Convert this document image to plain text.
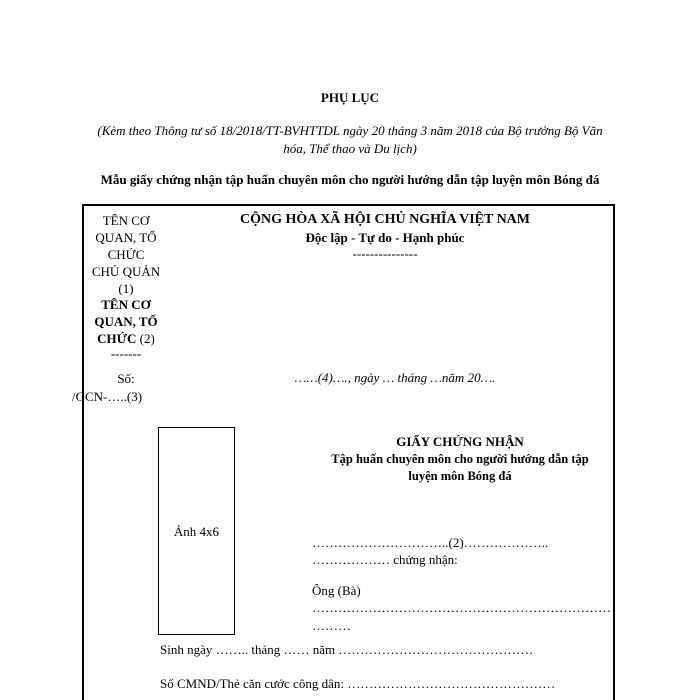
PHỤ LỤC
(Kèm theo Thông tư số 18/2018/TT-BVHTTDL ngày 20 tháng 3 năm 2018 của Bộ trưởng Bộ Văn
hóa, Thể thao và Du lịch)
Mẫu giấy chứng nhận tập huấn chuyên môn cho người hướng dẫn tập luyện môn Bóng đá
TÊN CƠ
QUAN, TỔ
CHỨC
CHỦ QUẢN
(1)
TÊN CƠ
QUAN, TỔ
CHỨC (2)
-------
Số:
/GCN-…..(3)
CỘNG HÒA XÃ HỘI CHỦ NGHĨA VIỆT NAM
Độc lập - Tự do - Hạnh phúc
---------------
……(4)…., ngày … tháng …năm 20….
Ảnh 4x6
GIẤY CHỨNG NHẬN
Tập huấn chuyên môn cho người hướng dẫn tập
luyện môn Bóng đá
…………………………..(2)………………..
……………… chứng nhận:
Ông (Bà)
……………………………………………………………
………
Sinh ngày …….. tháng …… năm ………………………………………
Số CMND/Thẻ căn cước công dân: …………………………………………
